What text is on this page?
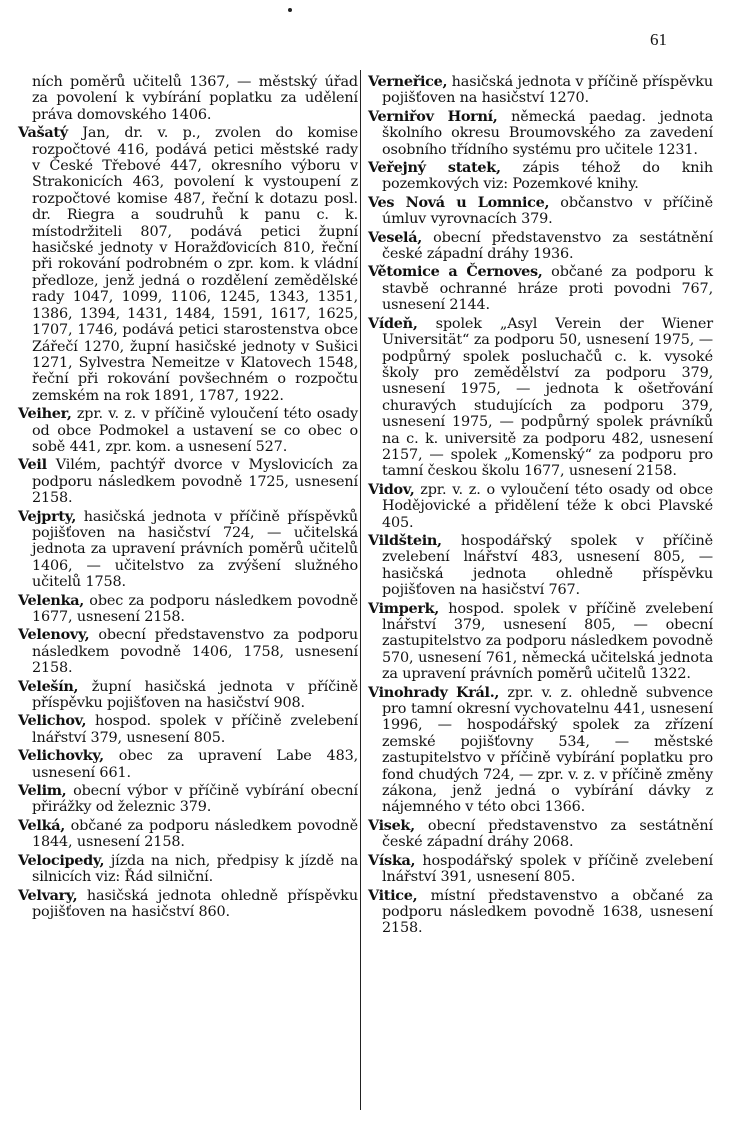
61

ních poměrů učitelů 1367, — městský úřad za povolení k vybírání poplatku za udělení práva domovského 1406.

Vašatý Jan, dr. v. p., zvolen do komise rozpočtové 416, podává petici městské rady v České Třebové 447, okresního výboru v Strakonicích 463, povolení k vystoupení z rozpočtové komise 487, řeční k dotazu posl. dr. Riegra a soudruhů k panu c. k. místodržiteli 807, podává petici župní hasičské jednoty v Horažďovicích 810, řeční při rokování podrobném o zpr. kom. k vládní předloze, jenž jedná o rozdělení zemědělské rady 1047, 1099, 1106, 1245, 1343, 1351, 1386, 1394, 1431, 1484, 1591, 1617, 1625, 1707, 1746, podává petici starostenstva obce Zářečí 1270, župní hasičské jednoty v Sušici 1271, Sylvestra Nemeitze v Klatovech 1548, řeční při rokování povšechném o rozpočtu zemském na rok 1891, 1787, 1922.

Veiher, zpr. v. z. v příčině vyloučení této osady od obce Podmokel a ustavení se co obec o sobě 441, zpr. kom. a usnesení 527.

Veil Vilém, pachtýř dvorce v Myslovicích za podporu následkem povodně 1725, usnesení 2158.

Vejprty, hasičská jednota v příčině příspěvků pojišťoven na hasičství 724, — učitelská jednota za upravení právních poměrů učitelů 1406, — učitelstvo za zvýšení služného učitelů 1758.

Velenka, obec za podporu následkem povodně 1677, usnesení 2158.

Velenovy, obecní představenstvo za podporu následkem povodně 1406, 1758, usnesení 2158.

Velešín, župní hasičská jednota v příčině příspěvku pojišťoven na hasičství 908.

Velichov, hospod. spolek v příčině zvelebení lnářství 379, usnesení 805.

Velichovky, obec za upravení Labe 483, usnesení 661.

Velim, obecní výbor v příčině vybírání obecní přirážky od železnic 379.

Velká, občané za podporu následkem povodně 1844, usnesení 2158.

Velocipedy, jízda na nich, předpisy k jízdě na silnicích viz: Řád silniční.

Velvary, hasičská jednota ohledně příspěvku pojišťoven na hasičství 860.

Verneřice, hasičská jednota v příčině příspěvku pojišťoven na hasičství 1270.

Verniřov Horní, německá paedag. jednota školního okresu Broumovského za zavedení osobního třídního systému pro učitele 1231.

Veřejný statek, zápis téhož do knih pozemkových viz: Pozemkové knihy.

Ves Nová u Lomnice, občanstvo v příčině úmluv vyrovnacích 379.

Veselá, obecní představenstvo za sestátnění české západní dráhy 1936.

Větomice a Černoves, občané za podporu k stavbě ochranné hráze proti povodni 767, usnesení 2144.

Vídeň, spolek „Asyl Verein der Wiener Universität“ za podporu 50, usnesení 1975, — podpůrný spolek posluchačů c. k. vysoké školy pro zemědělství za podporu 379, usnesení 1975, — jednota k ošetřování churavých studujících za podporu 379, usnesení 1975, — podpůrný spolek právníků na c. k. universitě za podporu 482, usnesení 2157, — spolek „Komenský“ za podporu pro tamní českou školu 1677, usnesení 2158.

Vidov, zpr. v. z. o vyloučení této osady od obce Hodějovické a přidělení téže k obci Plavské 405.

Vildštein, hospodářský spolek v příčině zvelebení lnářství 483, usnesení 805, — hasičská jednota ohledně příspěvku pojišťoven na hasičství 767.

Vimperk, hospod. spolek v příčině zvelebení lnářství 379, usnesení 805, — obecní zastupitelstvo za podporu následkem povodně 570, usnesení 761, německá učitelská jednota za upravení právních poměrů učitelů 1322.

Vinohrady Král., zpr. v. z. ohledně subvence pro tamní okresní vychovatelnu 441, usnesení 1996, — hospodářský spolek za zřízení zemské pojišťovny 534, — městské zastupitelstvo v příčině vybírání poplatku pro fond chudých 724, — zpr. v. z. v příčině změny zákona, jenž jedná o vybírání dávky z nájemného v této obci 1366.

Visek, obecní představenstvo za sestátnění české západní dráhy 2068.

Víska, hospodářský spolek v příčině zvelebení lnářství 391, usnesení 805.

Vitice, místní představenstvo a občané za podporu následkem povodně 1638, usnesení 2158.
